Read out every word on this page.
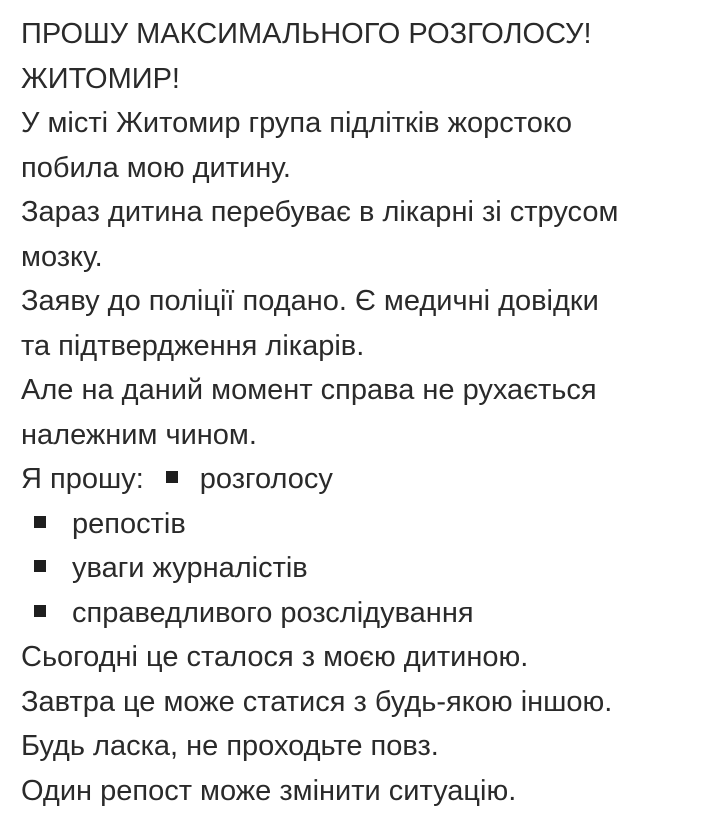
ПРОШУ МАКСИМАЛЬНОГО РОЗГОЛОСУ!
ЖИТОМИР!
У місті Житомир група підлітків жорстоко
побила мою дитину.
Зараз дитина перебуває в лікарні зі струсом
мозку.
Заяву до поліції подано. Є медичні довідки
та підтвердження лікарів.
Але на даний момент справа не рухається
належним чином.
Я прошу: розголосу
репостів
уваги журналістів
справедливого розслідування
Сьогодні це сталося з моєю дитиною.
Завтра це може статися з будь-якою іншою.
Будь ласка, не проходьте повз.
Один репост може змінити ситуацію.
